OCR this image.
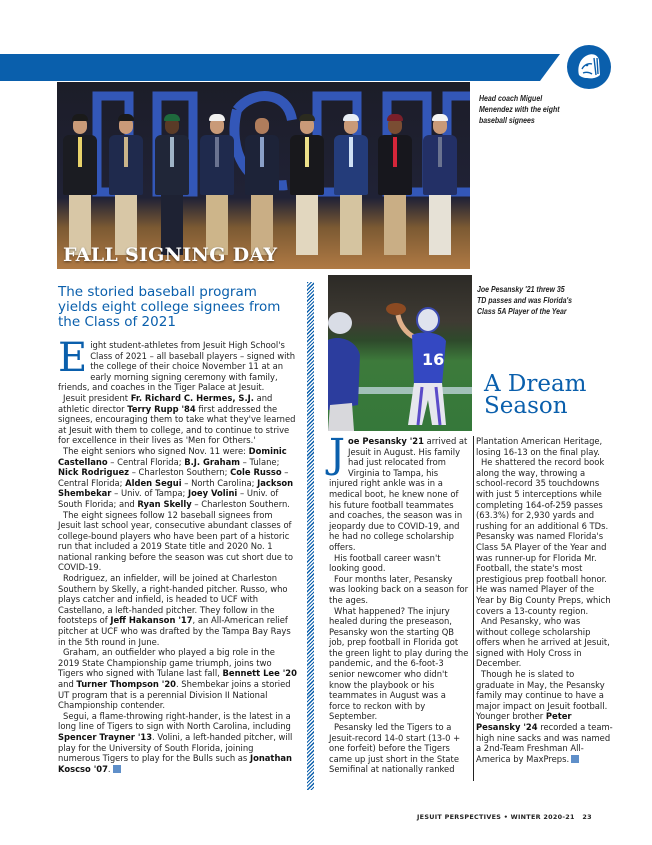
FALL SIGNING DAY
Head coach Miguel Menendez with the eight baseball signees
The storied baseball program yields eight college signees from the Class of 2021

Eight student-athletes from Jesuit High School's Class of 2021 – all baseball players – signed with the college of their choice November 11 at an early morning signing ceremony with family, friends, and coaches in the Tiger Palace at Jesuit.

Jesuit president Fr. Richard C. Hermes, S.J. and athletic director Terry Rupp '84 first addressed the signees, encouraging them to take what they've learned at Jesuit with them to college, and to continue to strive for excellence in their lives as 'Men for Others.'

The eight seniors who signed Nov. 11 were: Dominic Castellano – Central Florida; B.J. Graham – Tulane; Nick Rodriguez – Charleston Southern; Cole Russo – Central Florida; Alden Segui – North Carolina; Jackson Shembekar – Univ. of Tampa; Joey Volini – Univ. of South Florida; and Ryan Skelly – Charleston Southern.

The eight signees follow 12 baseball signees from Jesuit last school year, consecutive abundant classes of college-bound players who have been part of a historic run that included a 2019 State title and 2020 No. 1 national ranking before the season was cut short due to COVID-19.

Rodriguez, an infielder, will be joined at Charleston Southern by Skelly, a right-handed pitcher. Russo, who plays catcher and infield, is headed to UCF with Castellano, a left-handed pitcher. They follow in the footsteps of Jeff Hakanson '17, an All-American relief pitcher at UCF who was drafted by the Tampa Bay Rays in the 5th round in June.

Graham, an outfielder who played a big role in the 2019 State Championship game triumph, joins two Tigers who signed with Tulane last fall, Bennett Lee '20 and Turner Thompson '20. Shembekar joins a storied UT program that is a perennial Division II National Championship contender.

Segui, a flame-throwing right-hander, is the latest in a long line of Tigers to sign with North Carolina, including Spencer Trayner '13. Volini, a left-handed pitcher, will play for the University of South Florida, joining numerous Tigers to play for the Bulls such as Jonathan Koscso '07.

16
Joe Pesansky '21 threw 35 TD passes and was Florida's Class 5A Player of the Year
A Dream
Season

Joe Pesansky '21 arrived at Jesuit in August. His family had just relocated from Virginia to Tampa, his injured right ankle was in a medical boot, he knew none of his future football teammates and coaches, the season was in jeopardy due to COVID-19, and he had no college scholarship offers.

His football career wasn't looking good.

Four months later, Pesansky was looking back on a season for the ages.

What happened? The injury healed during the preseason, Pesansky won the starting QB job, prep football in Florida got the green light to play during the pandemic, and the 6-foot-3 senior newcomer who didn't know the playbook or his teammates in August was a force to reckon with by September.

Pesansky led the Tigers to a Jesuit-record 14-0 start (13-0 + one forfeit) before the Tigers came up just short in the State Semifinal at nationally ranked

Plantation American Heritage, losing 16-13 on the final play.

He shattered the record book along the way, throwing a school-record 35 touchdowns with just 5 interceptions while completing 164-of-259 passes (63.3%) for 2,930 yards and rushing for an additional 6 TDs. Pesansky was named Florida's Class 5A Player of the Year and was runner-up for Florida Mr. Football, the state's most prestigious prep football honor. He was named Player of the Year by Big County Preps, which covers a 13-county region.

And Pesansky, who was without college scholarship offers when he arrived at Jesuit, signed with Holy Cross in December.

Though he is slated to graduate in May, the Pesansky family may continue to have a major impact on Jesuit football. Younger brother Peter Pesansky '24 recorded a team-high nine sacks and was named a 2nd-Team Freshman All-America by MaxPreps.

JESUIT PERSPECTIVES • WINTER 2020-21 23
